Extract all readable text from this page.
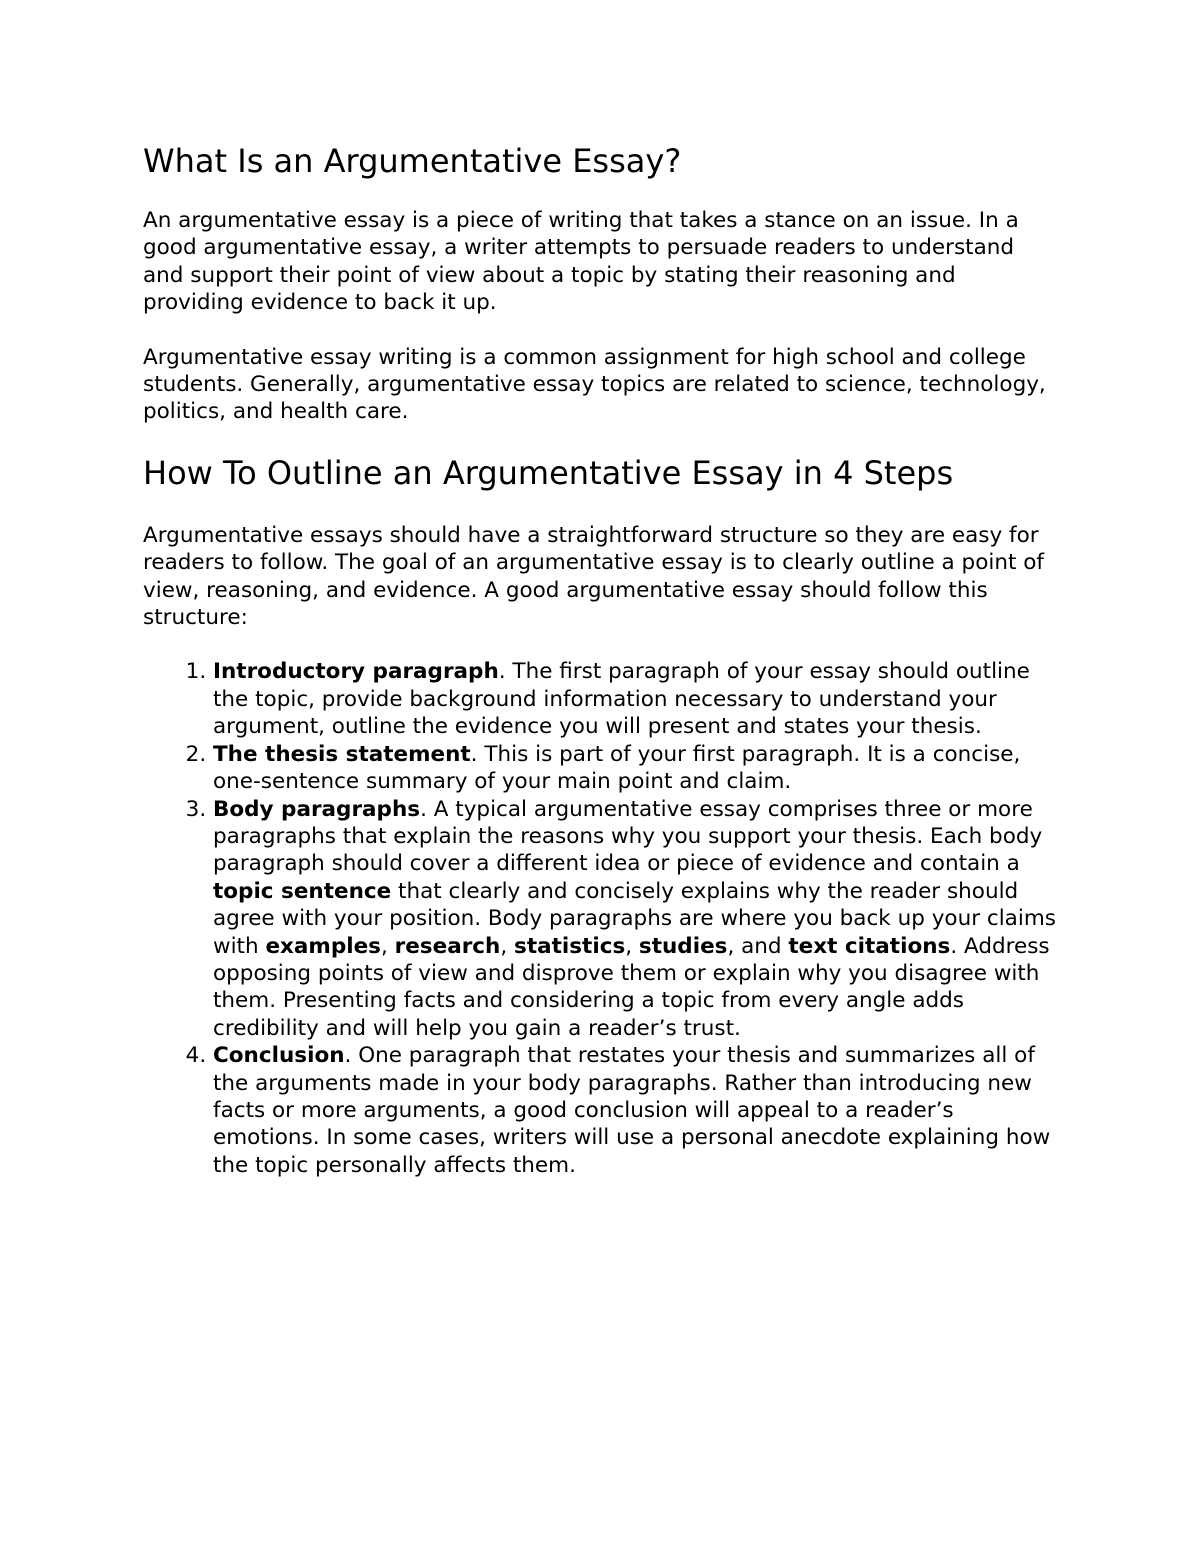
What Is an Argumentative Essay?

An argumentative essay is a piece of writing that takes a stance on an issue. In a good argumentative essay, a writer attempts to persuade readers to understand and support their point of view about a topic by stating their reasoning and providing evidence to back it up.

Argumentative essay writing is a common assignment for high school and college students. Generally, argumentative essay topics are related to science, technology, politics, and health care.

How To Outline an Argumentative Essay in 4 Steps

Argumentative essays should have a straightforward structure so they are easy for readers to follow. The goal of an argumentative essay is to clearly outline a point of view, reasoning, and evidence. A good argumentative essay should follow this structure:

1. Introductory paragraph. The first paragraph of your essay should outline the topic, provide background information necessary to understand your argument, outline the evidence you will present and states your thesis.
2. The thesis statement. This is part of your first paragraph. It is a concise, one-sentence summary of your main point and claim.
3. Body paragraphs. A typical argumentative essay comprises three or more paragraphs that explain the reasons why you support your thesis. Each body paragraph should cover a different idea or piece of evidence and contain a topic sentence that clearly and concisely explains why the reader should agree with your position. Body paragraphs are where you back up your claims with examples, research, statistics, studies, and text citations. Address opposing points of view and disprove them or explain why you disagree with them. Presenting facts and considering a topic from every angle adds credibility and will help you gain a reader’s trust.
4. Conclusion. One paragraph that restates your thesis and summarizes all of the arguments made in your body paragraphs. Rather than introducing new facts or more arguments, a good conclusion will appeal to a reader’s emotions. In some cases, writers will use a personal anecdote explaining how the topic personally affects them.
